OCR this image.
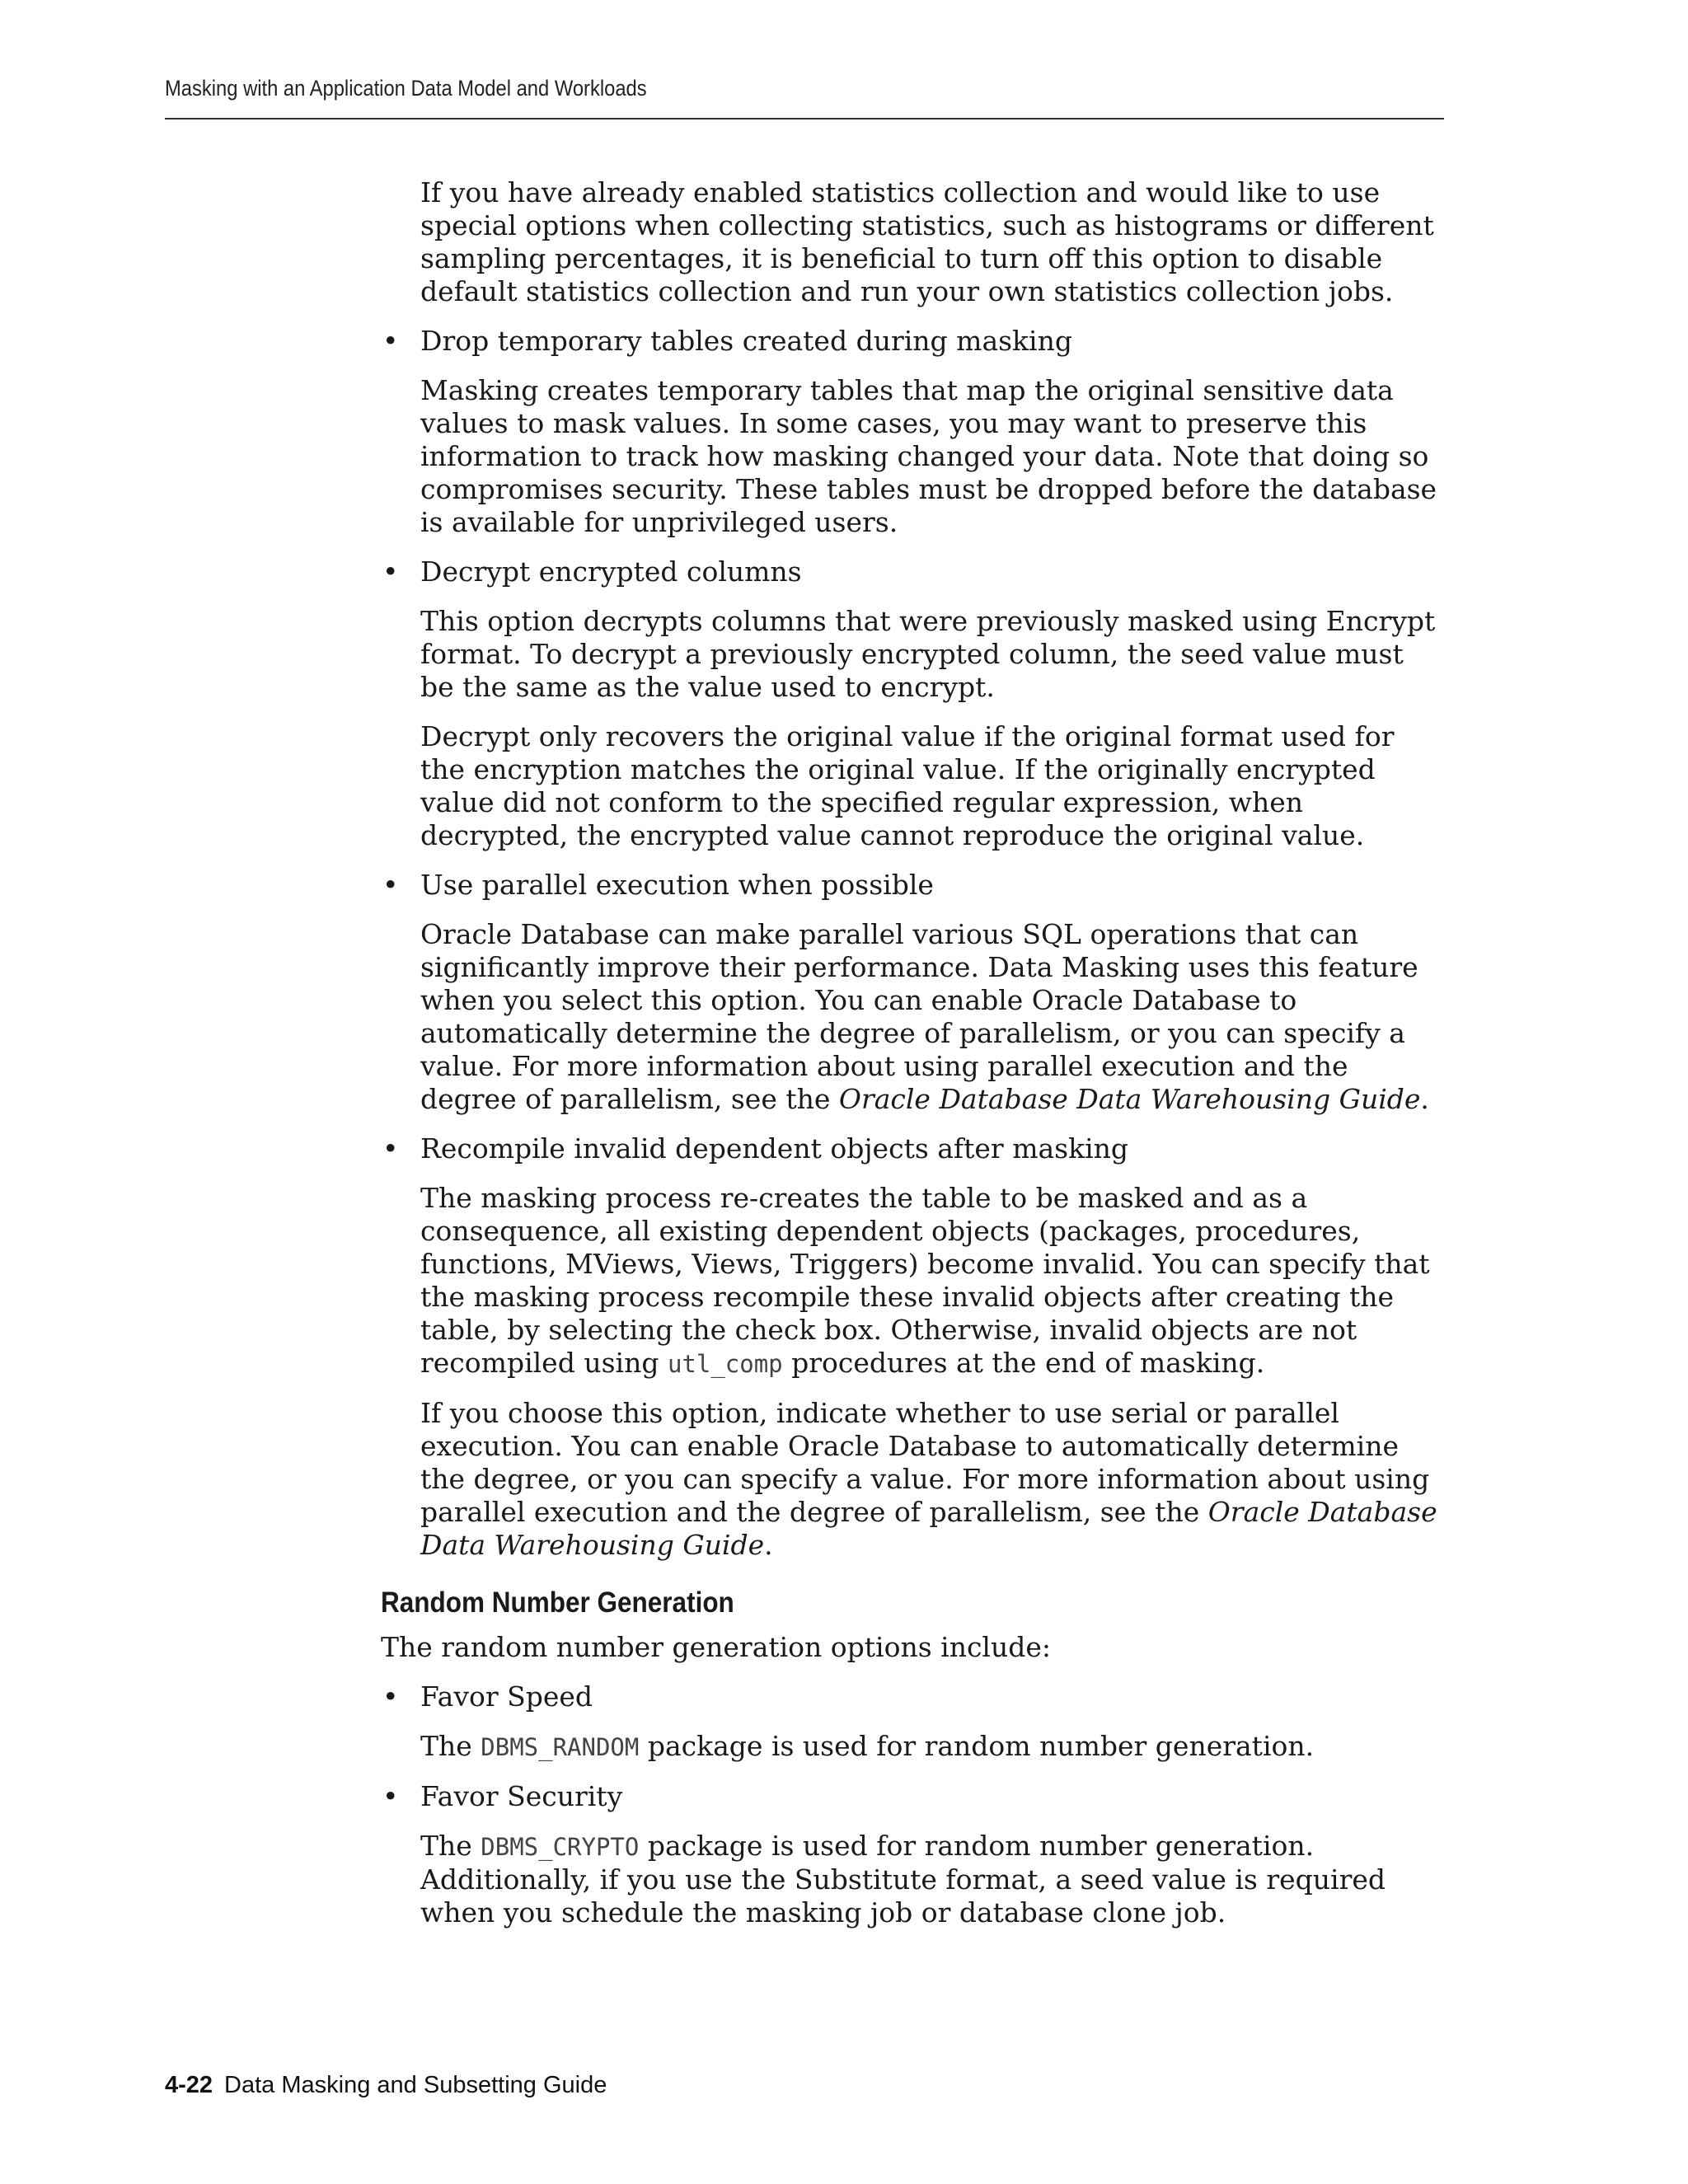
Masking with an Application Data Model and Workloads

If you have already enabled statistics collection and would like to use special options when collecting statistics, such as histograms or different sampling percentages, it is beneficial to turn off this option to disable default statistics collection and run your own statistics collection jobs.

• Drop temporary tables created during masking

Masking creates temporary tables that map the original sensitive data values to mask values. In some cases, you may want to preserve this information to track how masking changed your data. Note that doing so compromises security. These tables must be dropped before the database is available for unprivileged users.

• Decrypt encrypted columns

This option decrypts columns that were previously masked using Encrypt format. To decrypt a previously encrypted column, the seed value must be the same as the value used to encrypt.

Decrypt only recovers the original value if the original format used for the encryption matches the original value. If the originally encrypted value did not conform to the specified regular expression, when decrypted, the encrypted value cannot reproduce the original value.

• Use parallel execution when possible

Oracle Database can make parallel various SQL operations that can significantly improve their performance. Data Masking uses this feature when you select this option. You can enable Oracle Database to automatically determine the degree of parallelism, or you can specify a value. For more information about using parallel execution and the degree of parallelism, see the Oracle Database Data Warehousing Guide.

• Recompile invalid dependent objects after masking

The masking process re-creates the table to be masked and as a consequence, all existing dependent objects (packages, procedures, functions, MViews, Views, Triggers) become invalid. You can specify that the masking process recompile these invalid objects after creating the table, by selecting the check box. Otherwise, invalid objects are not recompiled using utl_comp procedures at the end of masking.

If you choose this option, indicate whether to use serial or parallel execution. You can enable Oracle Database to automatically determine the degree, or you can specify a value. For more information about using parallel execution and the degree of parallelism, see the Oracle Database Data Warehousing Guide.

Random Number Generation

The random number generation options include:

• Favor Speed

The DBMS_RANDOM package is used for random number generation.

• Favor Security

The DBMS_CRYPTO package is used for random number generation. Additionally, if you use the Substitute format, a seed value is required when you schedule the masking job or database clone job.

4-22 Data Masking and Subsetting Guide
